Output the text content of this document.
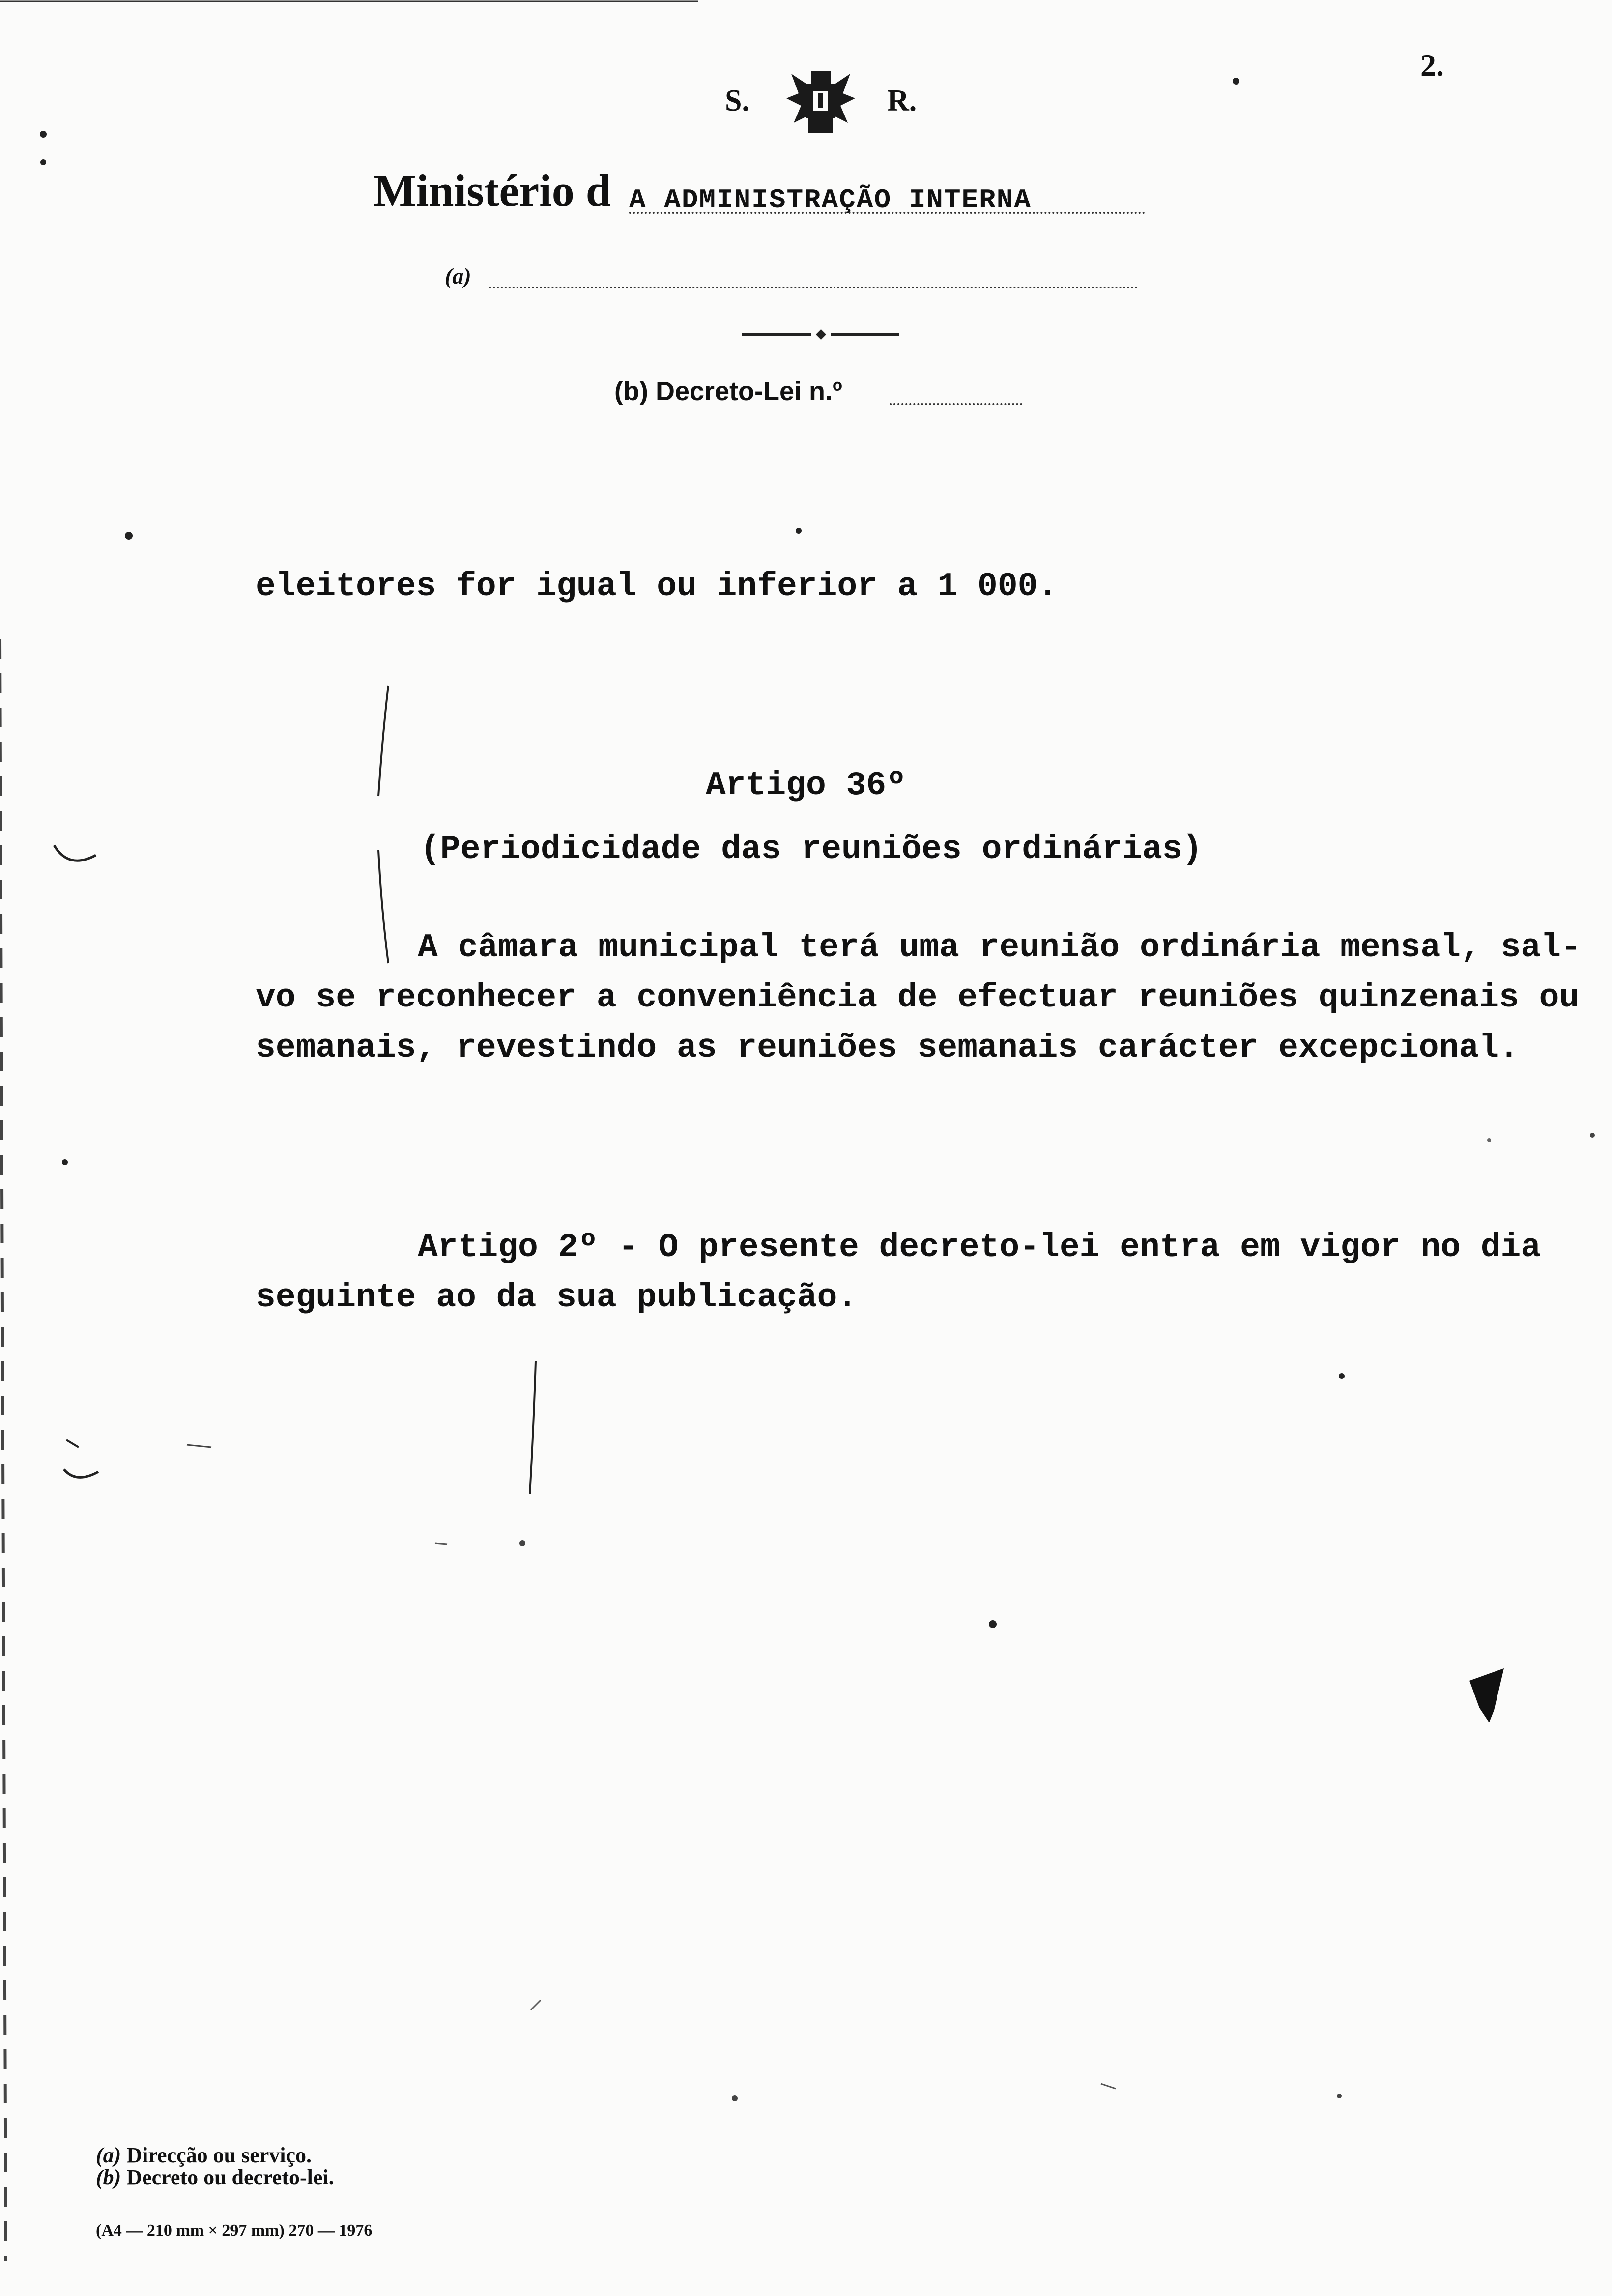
2.
S.	R.
Ministério d A ADMINISTRAÇÃO INTERNA
(a)
(b) Decreto-Lei n.º
eleitores for igual ou inferior a 1 000.
Artigo 36º
(Periodicidade das reuniões ordinárias)
A câmara municipal terá uma reunião ordinária mensal, sal-
vo se reconhecer a conveniência de efectuar reuniões quinzenais ou
semanais, revestindo as reuniões semanais carácter excepcional.
Artigo 2º - O presente decreto-lei entra em vigor no dia
seguinte ao da sua publicação.
(a) Direcção ou serviço.
(b) Decreto ou decreto-lei.
(A4 — 210 mm × 297 mm) 270 — 1976
